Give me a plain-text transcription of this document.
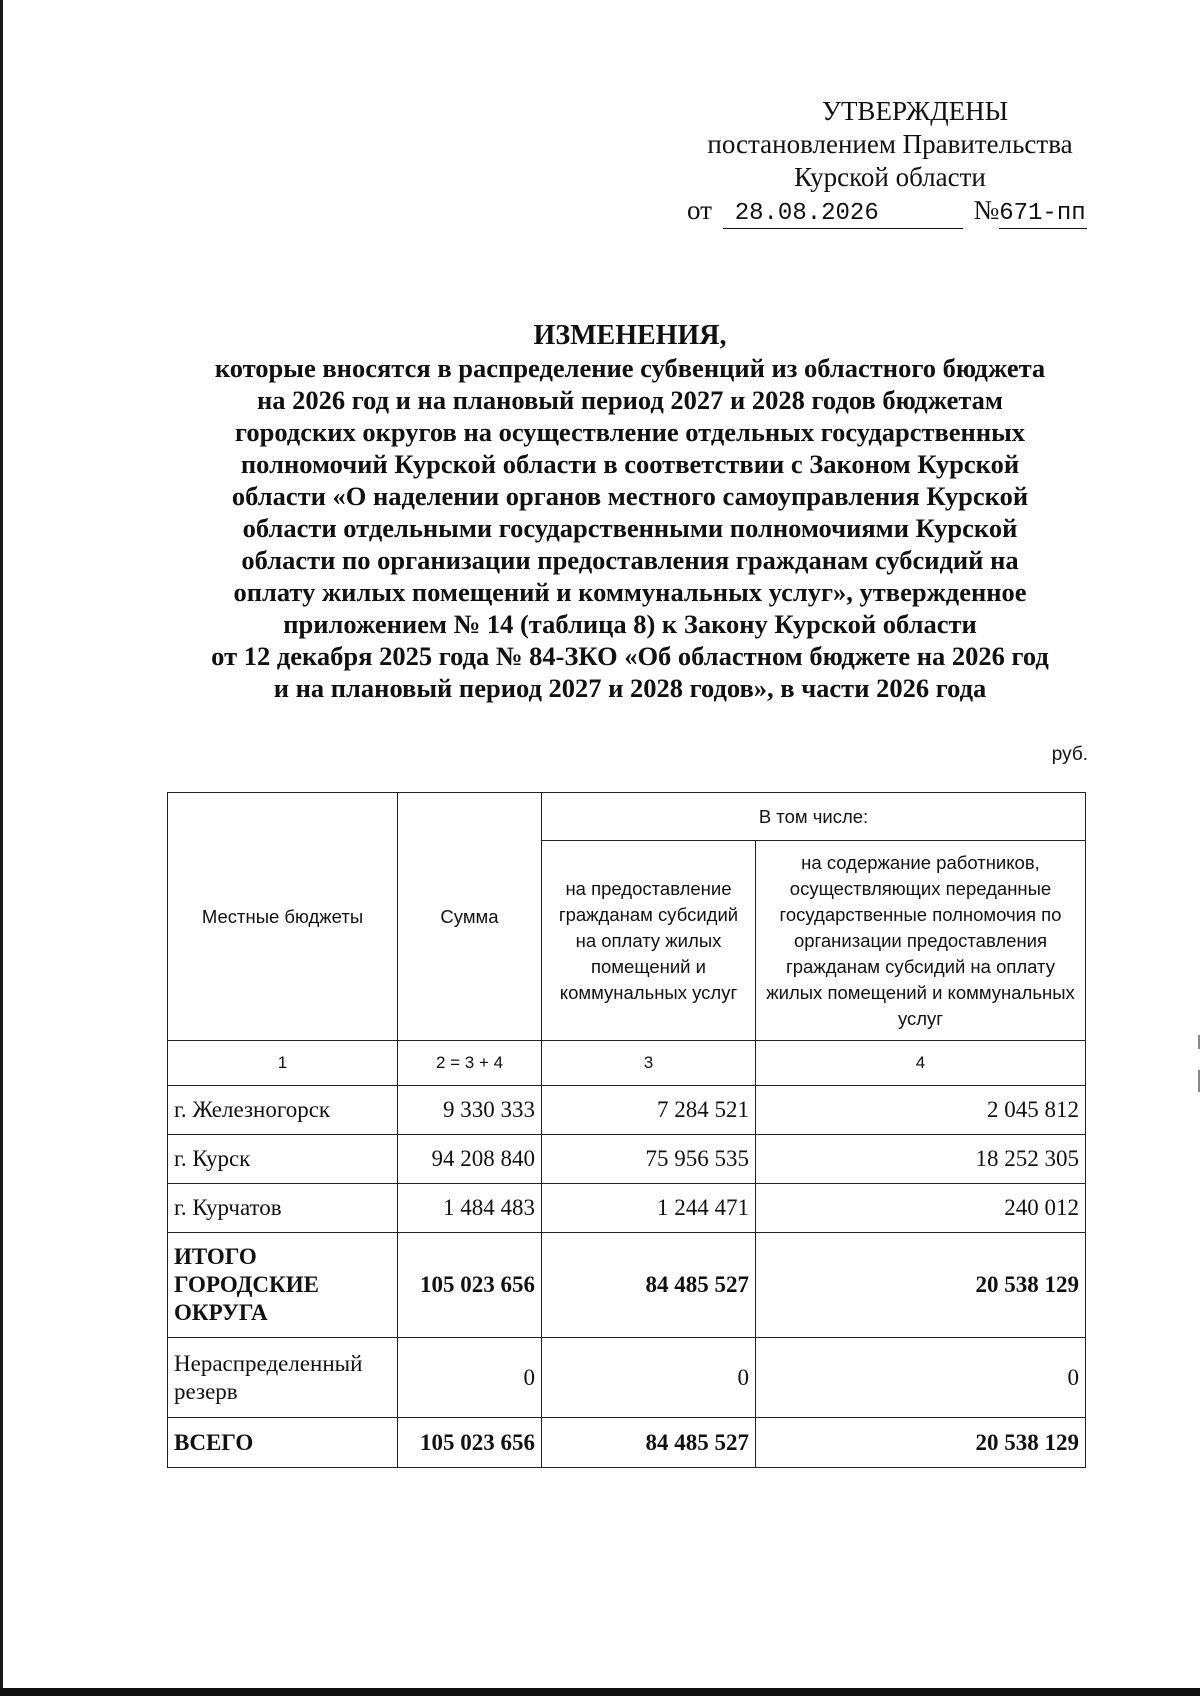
УТВЕРЖДЕНЫ
постановлением Правительства
Курской области
от 28.08.2026	№671-пп
ИЗМЕНЕНИЯ,
которые вносятся в распределение субвенций из областного бюджета
на 2026 год и на плановый период 2027 и 2028 годов бюджетам
городских округов на осуществление отдельных государственных
полномочий Курской области в соответствии с Законом Курской
области «О наделении органов местного самоуправления Курской
области отдельными государственными полномочиями Курской
области по организации предоставления гражданам субсидий на
оплату жилых помещений и коммунальных услуг», утвержденное
приложением № 14 (таблица 8) к Закону Курской области
от 12 декабря 2025 года № 84-ЗКО «Об областном бюджете на 2026 год
и на плановый период 2027 и 2028 годов», в части 2026 года
руб.
Местные бюджеты	Сумма	В том числе:	
		на предоставление гражданам субсидий на оплату жилых помещений и коммунальных услуг	на содержание работников, осуществляющих переданные государственные полномочия по организации предоставления гражданам субсидий на оплату жилых помещений и коммунальных услуг
1	2 = 3 + 4	3	4
г. Железногорск	9 330 333	7 284 521	2 045 812
г. Курск	94 208 840	75 956 535	18 252 305
г. Курчатов	1 484 483	1 244 471	240 012
ИТОГО ГОРОДСКИЕ ОКРУГА	105 023 656	84 485 527	20 538 129
Нераспределенный резерв	0	0	0
ВСЕГО	105 023 656	84 485 527	20 538 129
